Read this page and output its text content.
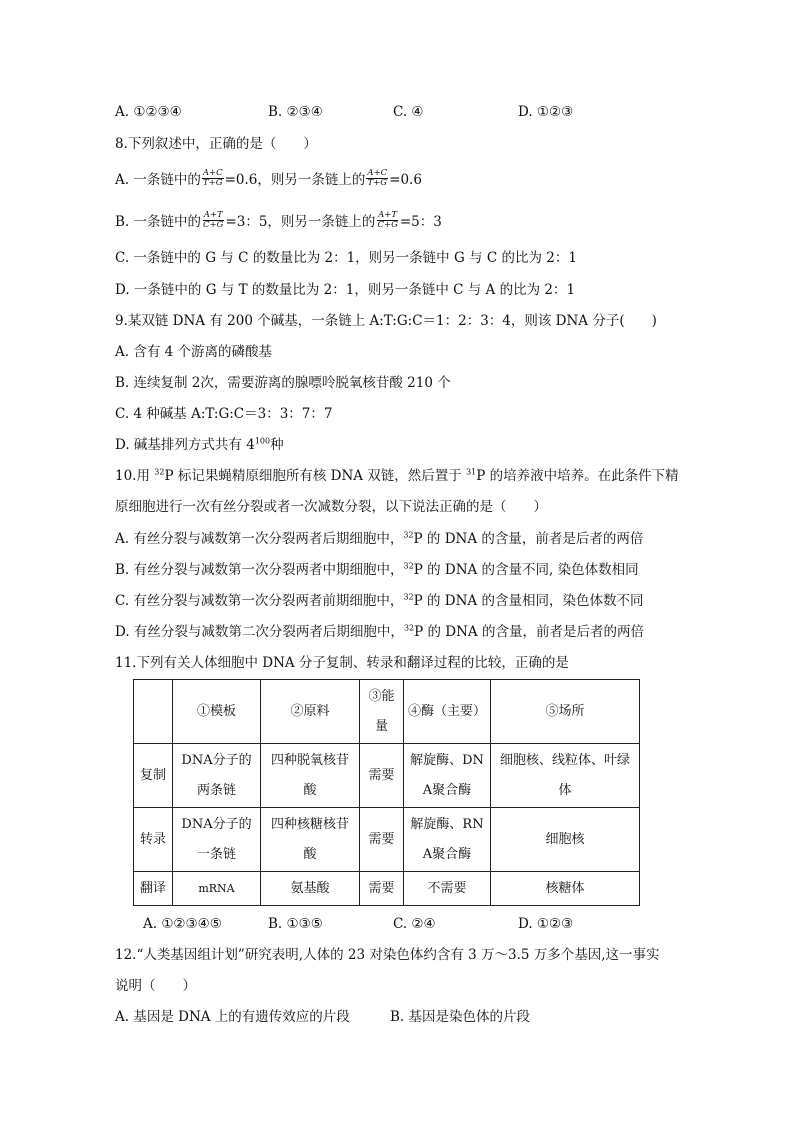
A. ①②③④	B. ②③④	C. ④	D. ①②③
8.下列叙述中，正确的是（　　）
A. 一条链中的 $\frac{A+C}{T+G} =0.6$，则另一条链上的 $\frac{A+C}{T+G} =0.6$
B. 一条链中的 $\frac{A+T}{C+G} =3$：5，则另一条链上的 $\frac{A+T}{C+G} =5$：3
C. 一条链中的 G 与 C 的数量比为 2：1，则另一条链中 G 与 C 的比为 2：1
D. 一条链中的 G 与 T 的数量比为 2：1，则另一条链中 C 与 A 的比为 2：1
9.某双链 DNA 有 200 个碱基，一条链上 A:T:G:C＝1：2：3：4，则该 DNA 分子(　　)
A. 含有 4 个游离的磷酸基
B. 连续复制 2次，需要游离的腺嘌呤脱氧核苷酸 210 个
C. 4 种碱基 A:T:G:C＝3：3：7：7
D. 碱基排列方式共有 $4^{100}$种
10.用 $^{32}$P 标记果蝇精原细胞所有核 DNA 双链，然后置于 $^{31}$P 的培养液中培养。在此条件下精
原细胞进行一次有丝分裂或者一次减数分裂，以下说法正确的是（　　）
A. 有丝分裂与减数第一次分裂两者后期细胞中，$^{32}$P 的 DNA 的含量，前者是后者的两倍
B. 有丝分裂与减数第一次分裂两者中期细胞中，$^{32}$P 的 DNA 的含量不同, 染色体数相同
C. 有丝分裂与减数第一次分裂两者前期细胞中，$^{32}$P 的 DNA 的含量相同，染色体数不同
D. 有丝分裂与减数第二次分裂两者后期细胞中，$^{32}$P 的 DNA 的含量，前者是后者的两倍
11.下列有关人体细胞中 DNA 分子复制、转录和翻译过程的比较，正确的是
	①模板	②原料	③能量	④酶（主要）	⑤场所
复制	DNA分子的两条链	四种脱氧核苷酸	需要	解旋酶、DNA聚合酶	细胞核、线粒体、叶绿体
转录	DNA分子的一条链	四种核糖核苷酸	需要	解旋酶、RNA聚合酶	细胞核
翻译	mRNA	氨基酸	需要	不需要	核糖体
A. ①②③④⑤	B. ①③⑤	C. ②④	D. ①②③
12.“人类基因组计划”研究表明,人体的 23 对染色体约含有 3 万～3.5 万多个基因,这一事实
说明（　　）
A. 基因是 DNA 上的有遗传效应的片段	B. 基因是染色体的片段
